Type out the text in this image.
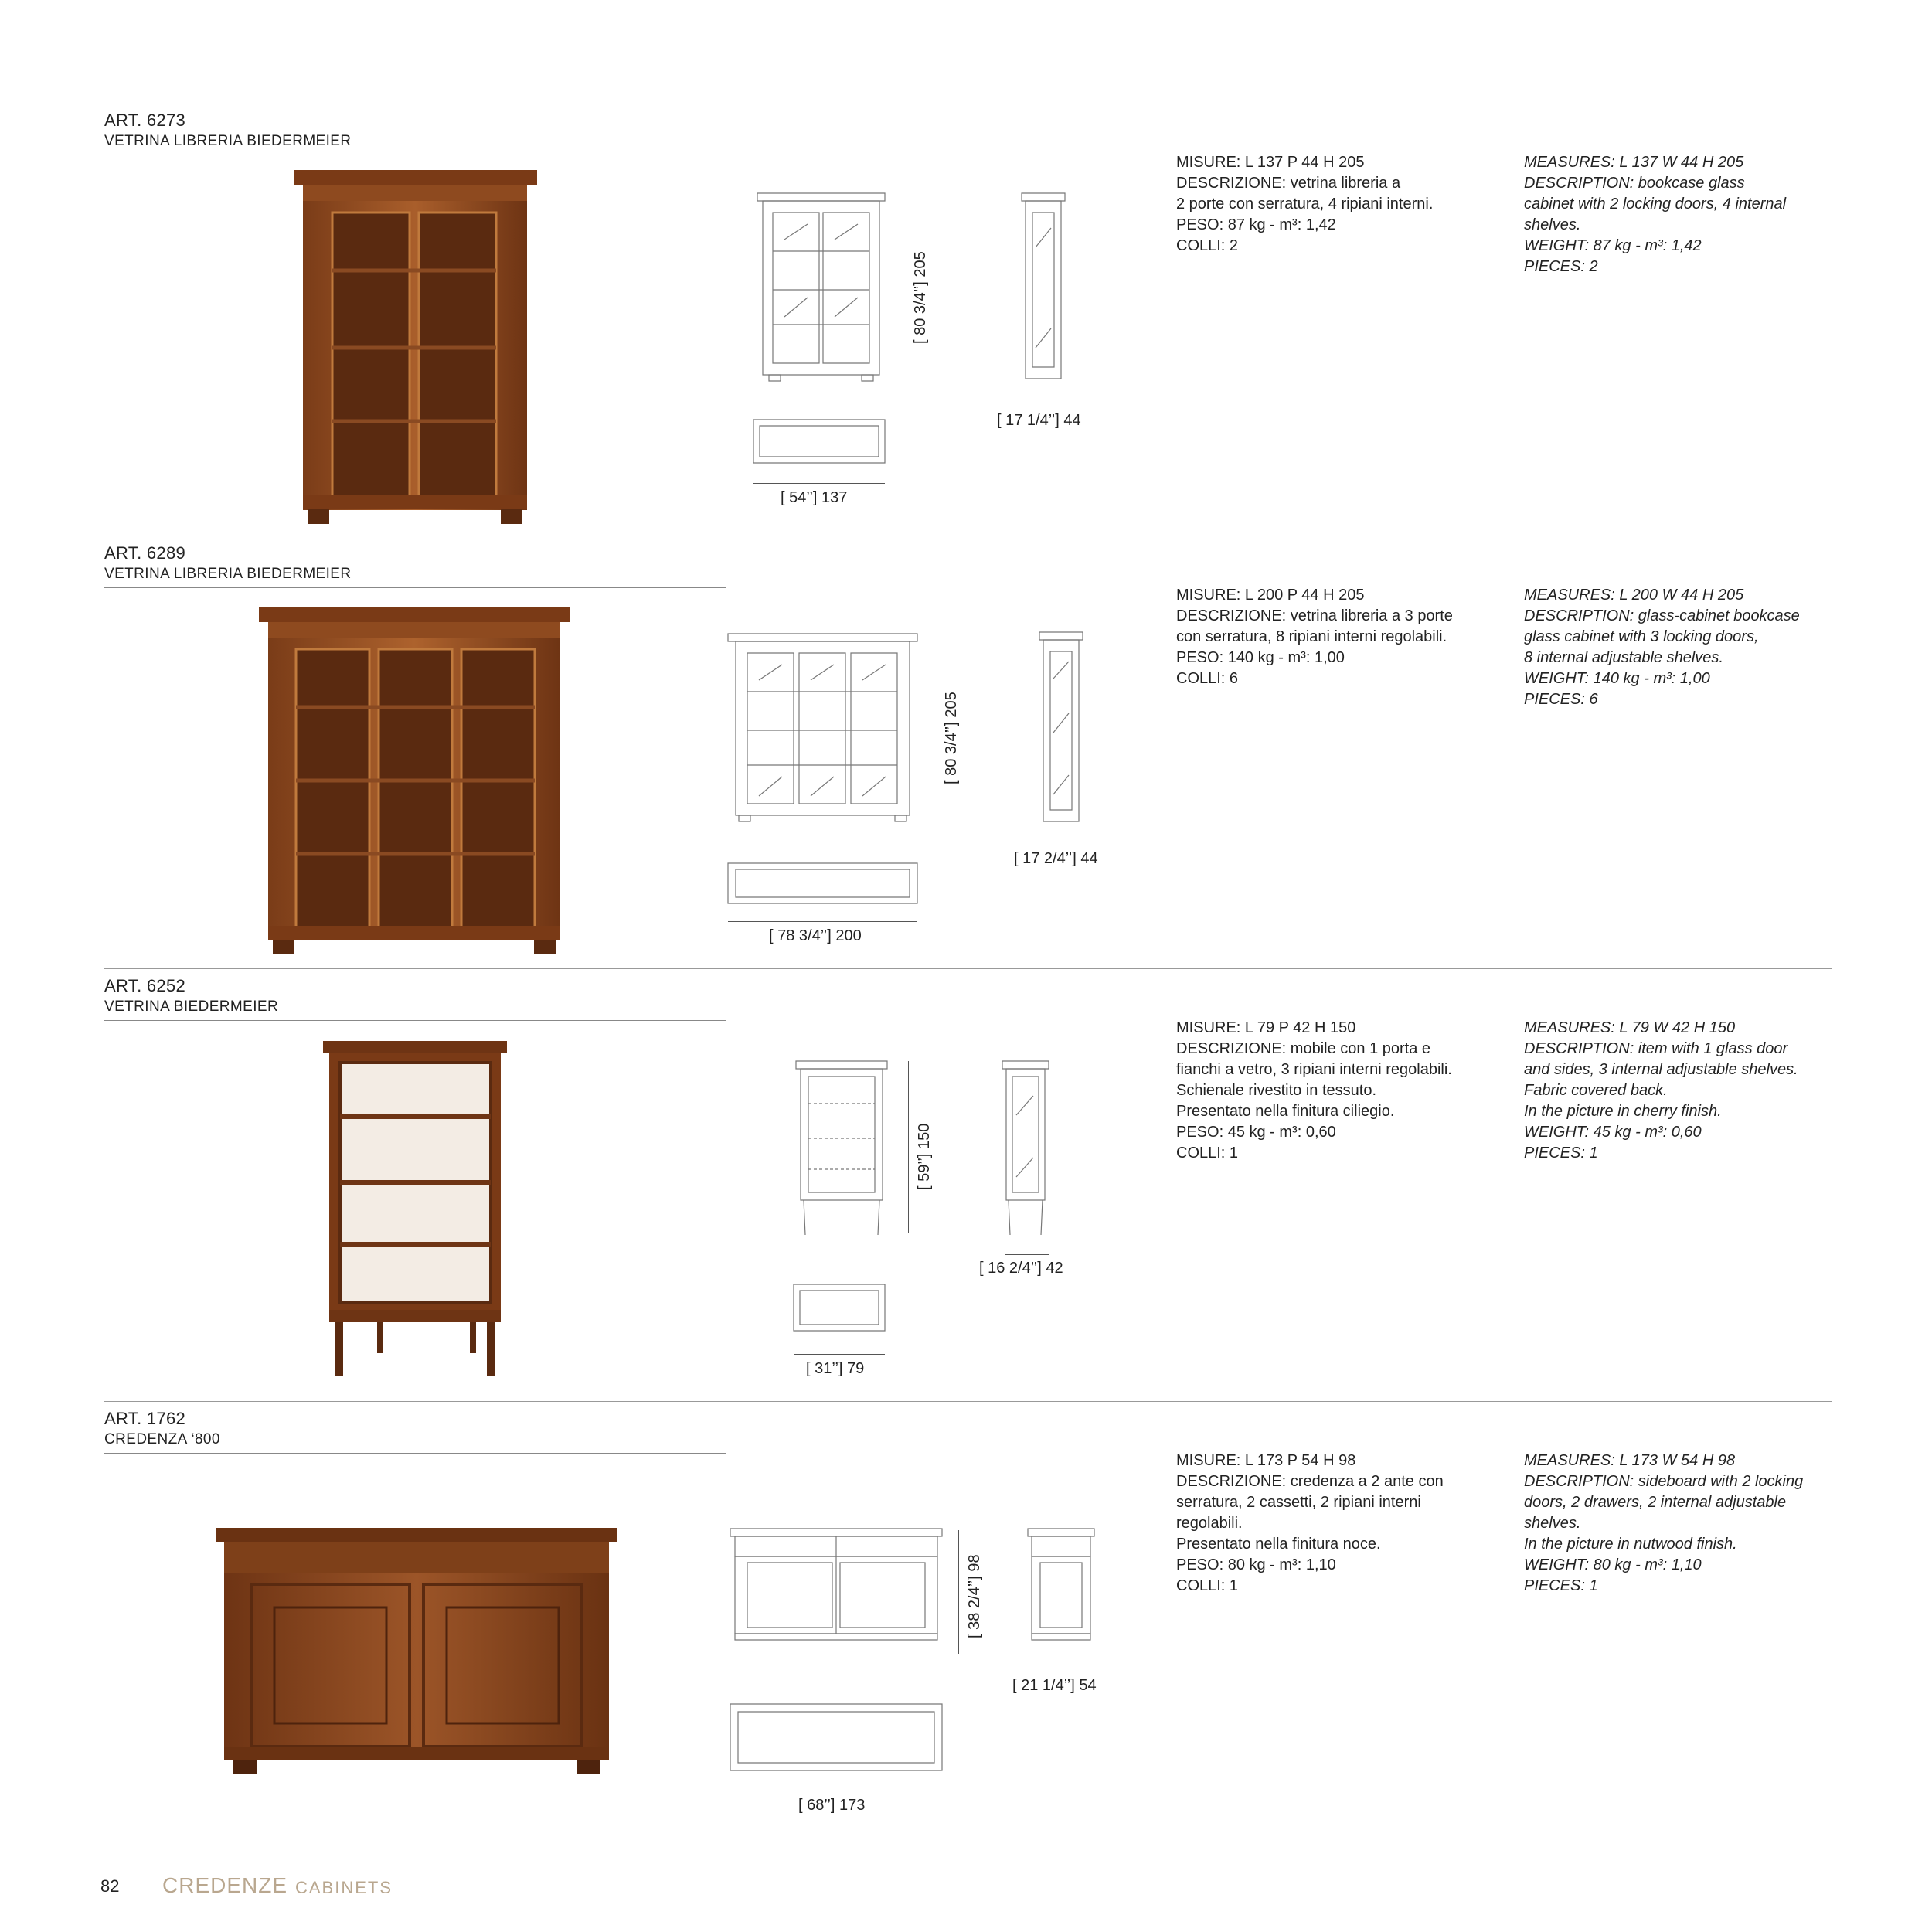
ART. 6273
VETRINA LIBRERIA BIEDERMEIER
[ 80 3/4’’] 205
[ 17 1/4’’] 44
[ 54’’] 137
MISURE: L 137 P 44 H 205
DESCRIZIONE: vetrina libreria a
2 porte con serratura, 4 ripiani interni.
PESO: 87 kg - m³: 1,42
COLLI: 2
MEASURES: L 137 W 44 H 205
DESCRIPTION: bookcase glass
cabinet with 2 locking doors, 4 internal
shelves.
WEIGHT: 87 kg - m³: 1,42
PIECES: 2
ART. 6289
VETRINA LIBRERIA BIEDERMEIER
[ 80 3/4’’] 205
[ 17 2/4’’] 44
[ 78 3/4’’] 200
MISURE: L 200 P 44 H 205
DESCRIZIONE: vetrina libreria a 3 porte
con serratura, 8 ripiani interni regolabili.
PESO: 140 kg - m³: 1,00
COLLI: 6
MEASURES: L 200 W 44 H 205
DESCRIPTION: glass-cabinet bookcase
glass cabinet with 3 locking doors,
8 internal adjustable shelves.
WEIGHT: 140 kg - m³: 1,00
PIECES: 6
ART. 6252
VETRINA BIEDERMEIER
[ 59’’] 150
[ 16 2/4’’] 42
[ 31’’] 79
MISURE: L 79 P 42 H 150
DESCRIZIONE: mobile con 1 porta e
fianchi a vetro, 3 ripiani interni regolabili.
Schienale rivestito in tessuto.
Presentato nella finitura ciliegio.
PESO: 45 kg - m³: 0,60
COLLI: 1
MEASURES: L 79 W 42 H 150
DESCRIPTION: item with 1 glass door
and sides, 3 internal adjustable shelves.
Fabric covered back.
In the picture in cherry finish.
WEIGHT: 45 kg - m³: 0,60
PIECES: 1
ART. 1762
CREDENZA ‘800
[ 38 2/4’’] 98
[ 21 1/4’’] 54
[ 68’’] 173
MISURE: L 173 P 54 H 98
DESCRIZIONE: credenza a 2 ante con
serratura, 2 cassetti, 2 ripiani interni
regolabili.
Presentato nella finitura noce.
PESO: 80 kg - m³: 1,10
COLLI: 1
MEASURES: L 173 W 54 H 98
DESCRIPTION: sideboard with 2 locking
doors, 2 drawers, 2 internal adjustable
shelves.
In the picture in nutwood finish.
WEIGHT: 80 kg - m³: 1,10
PIECES: 1
82 CREDENZE CABINETS
